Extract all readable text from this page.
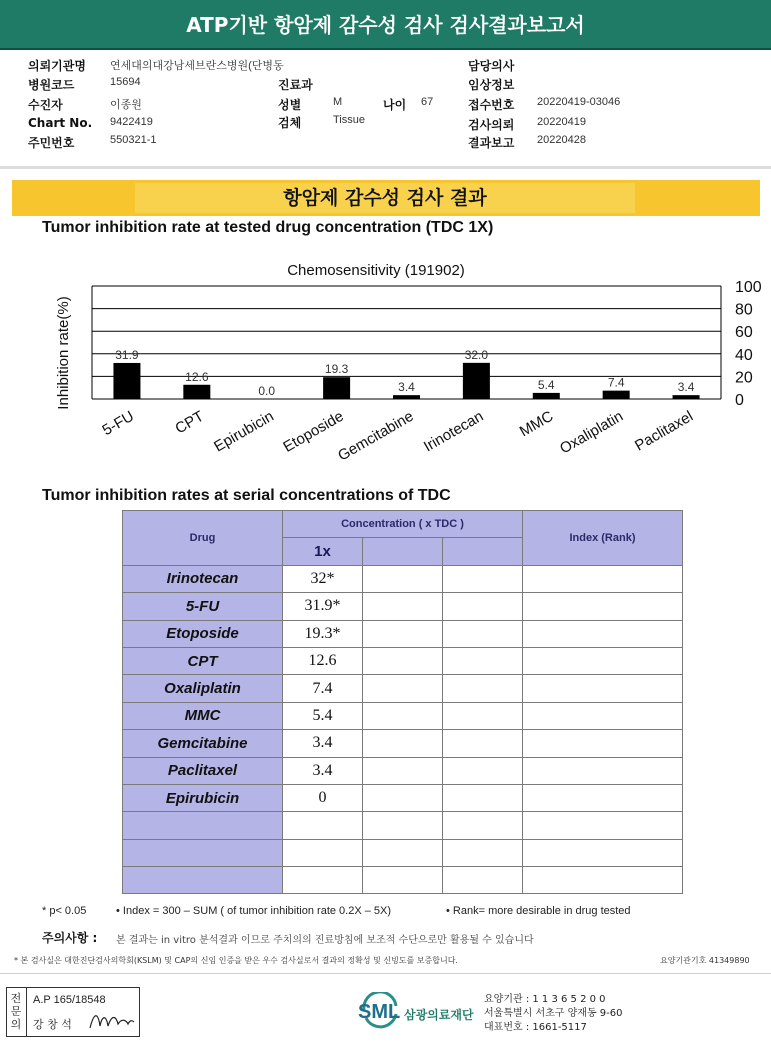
ATP기반 항암제 감수성 검사 검사결과보고서
의뢰기관명 연세대의대강남세브란스병원(단병동
병원코드	15694
수진자	이종원
Chart No. 9422419
주민번호	550321-1
진료과
성별	M
검체	Tissue
나이 67
담당의사
임상정보
접수번호 20220419-03046
검사의뢰 20220419
결과보고 20220428
항암제 감수성 검사 결과
Tumor inhibition rate at tested drug concentration (TDC 1X)
Chemosensitivity (191902)
Inhibition rate(%)	31.9
12.6
0.0
19.3
3.4
32.0
5.4	7.4	3.4
0
20
40
60
80
100
5-FU CPT Epirubicin Etoposide
Gemcitabine Irinotecan MMC Oxaliplatin Paclitaxel
Tumor inhibition rates at serial concentrations of TDC
Drug	Concentration ( x TDC )			Index (Rank)
	1x			
Irinotecan	32*			
5-FU	31.9*			
Etoposide	19.3*			
CPT	12.6			
Oxaliplatin	7.4			
MMC	5.4			
Gemcitabine	3.4			
Paclitaxel	3.4			
Epirubicin	0			

* p< 0.05	• Index = 300 – SUM ( of tumor inhibition rate 0.2X – 5X)	• Rank= more desirable in drug tested
주의사항 : 본 결과는 in vitro 분석결과 이므로 주치의의 진료방침에 보조적 수단으로만 활용될 수 있습니다
* 본 검사실은 대한진단검사의학회(KSLM) 및 CAP의 신임 인증을 받은 우수 검사실로서 결과의 정확성 및 신빙도를 보증합니다.	요양기관기호 41349890
전문의
A.P 165/18548
강 창 석
SML 삼광의료재단
요양기관 : 1 1 3 6 5 2 0 0
서울특별시 서초구 양재동 9-60
대표번호 : 1661-5117
